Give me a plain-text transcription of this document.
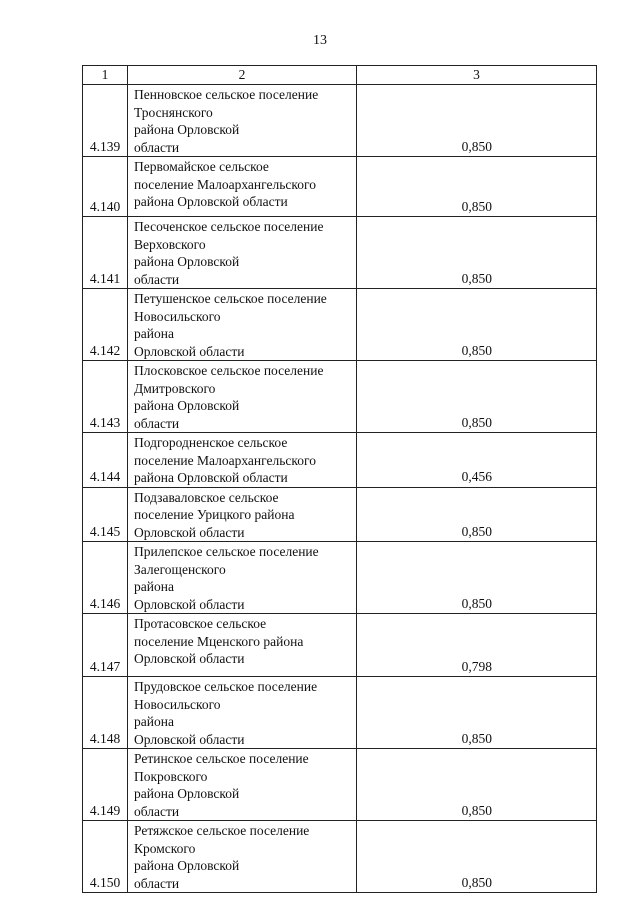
13
1	2	3
4.139	Пенновское сельское поселение Троснянского
района Орловской
области	0,850
4.140	Первомайское сельское
поселение Малоархангельского
района Орловской области	0,850
4.141	Песоченское сельское поселение Верховского
района Орловской
области	0,850
4.142	Петушенское сельское поселение Новосильского
района
Орловской области	0,850
4.143	Плосковское сельское поселение Дмитровского
района Орловской
области	0,850
4.144	Подгородненское сельское
поселение Малоархангельского
района Орловской области	0,456
4.145	Подзаваловское сельское
поселение Урицкого района
Орловской области	0,850
4.146	Прилепское сельское поселение Залегощенского
района
Орловской области	0,850
4.147	Протасовское сельское
поселение Мценского района
Орловской области	0,798
4.148	Прудовское сельское поселение Новосильского
района
Орловской области	0,850
4.149	Ретинское сельское поселение Покровского
района Орловской
области	0,850
4.150	Ретяжское сельское поселение Кромского
района Орловской
области	0,850
